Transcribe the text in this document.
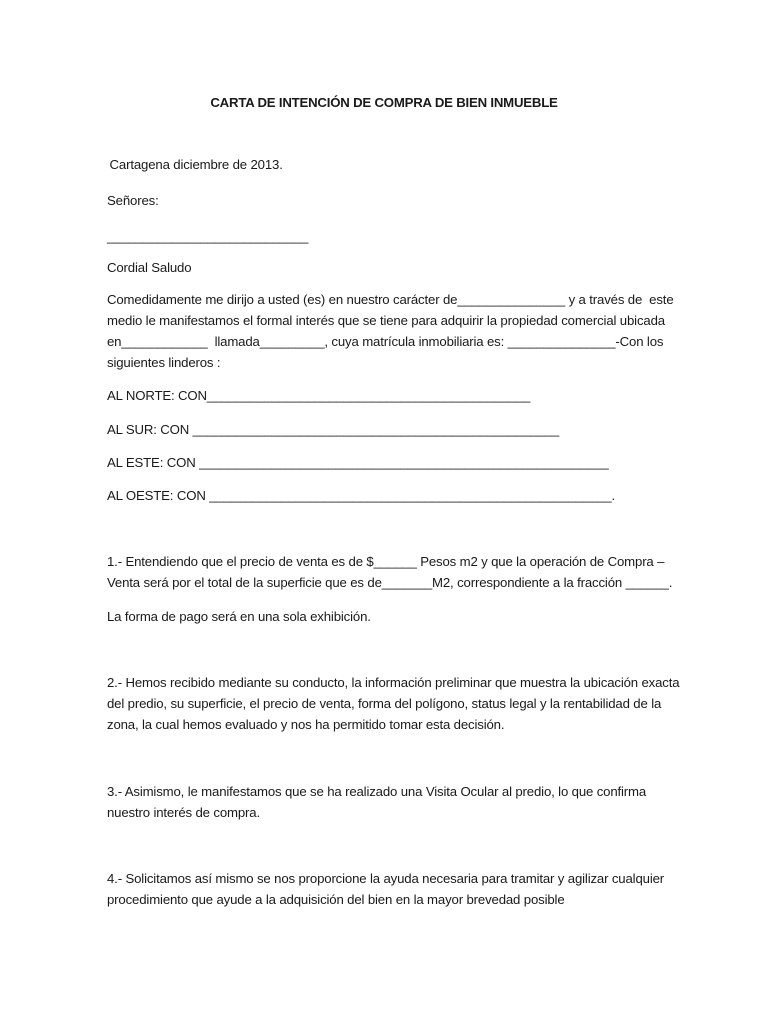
CARTA DE INTENCIÓN DE COMPRA DE BIEN INMUEBLE
Cartagena diciembre de 2013.
Señores:
____________________________
Cordial Saludo
Comedidamente me dirijo a usted (es) en nuestro carácter de_______________ y a través de  este
medio le manifestamos el formal interés que se tiene para adquirir la propiedad comercial ubicada
en____________  llamada_________, cuya matrícula inmobiliaria es: _______________-Con los
siguientes linderos :
AL NORTE: CON_____________________________________________
AL SUR: CON ___________________________________________________
AL ESTE: CON _________________________________________________________
AL OESTE: CON ________________________________________________________.
1.- Entendiendo que el precio de venta es de $______ Pesos m2 y que la operación de Compra –
Venta será por el total de la superficie que es de_______M2, correspondiente a la fracción ______.
La forma de pago será en una sola exhibición.
2.- Hemos recibido mediante su conducto, la información preliminar que muestra la ubicación exacta
del predio, su superficie, el precio de venta, forma del polígono, status legal y la rentabilidad de la
zona, la cual hemos evaluado y nos ha permitido tomar esta decisión.
3.- Asimismo, le manifestamos que se ha realizado una Visita Ocular al predio, lo que confirma
nuestro interés de compra.
4.- Solicitamos así mismo se nos proporcione la ayuda necesaria para tramitar y agilizar cualquier
procedimiento que ayude a la adquisición del bien en la mayor brevedad posible
